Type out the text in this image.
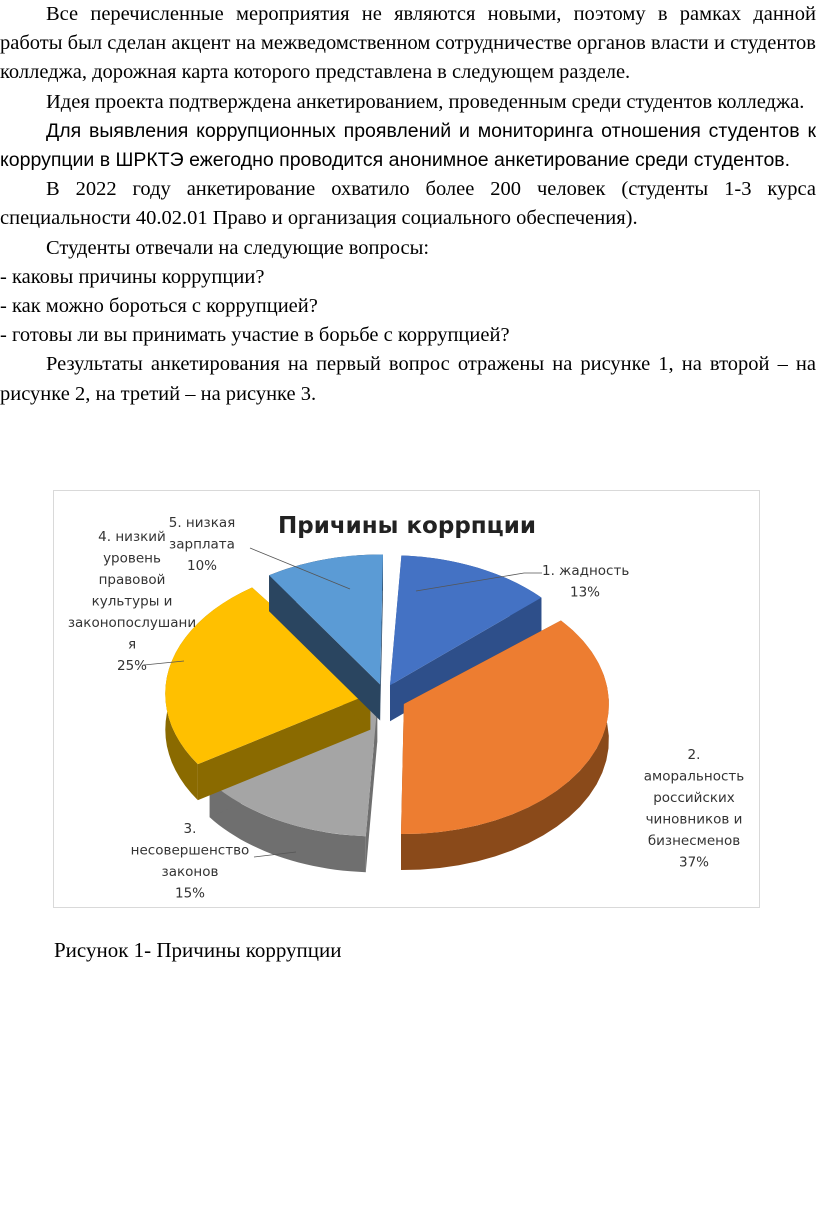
Все перечисленные мероприятия не являются новыми, поэтому в рамках данной работы был сделан акцент на межведомственном сотрудничестве органов власти и студентов колледжа, дорожная карта которого представлена в следующем разделе.

Идея проекта подтверждена анкетированием, проведенным среди студентов колледжа.

Для выявления коррупционных проявлений и мониторинга отношения студентов к коррупции в ШРКТЭ ежегодно проводится анонимное анкетирование среди студентов.

В 2022 году анкетирование охватило более 200 человек (студенты 1-3 курса специальности 40.02.01 Право и организация социального обеспечения).

Студенты отвечали на следующие вопросы:

- каковы причины коррупции?

- как можно бороться с коррупцией?

- готовы ли вы принимать участие в борьбе с коррупцией?

Результаты анкетирования на первый вопрос отражены на рисунке 1, на второй – на рисунке 2, на третий – на рисунке 3.

Причины коррпции
1. жадность 13%
2. аморальность российских чиновников и бизнесменов 37%
3. несовершенство законов 15%
4. низкий уровень правовой культуры и законопослушани я 25%
5. низкая зарплата 10%
Рисунок 1- Причины коррупции
